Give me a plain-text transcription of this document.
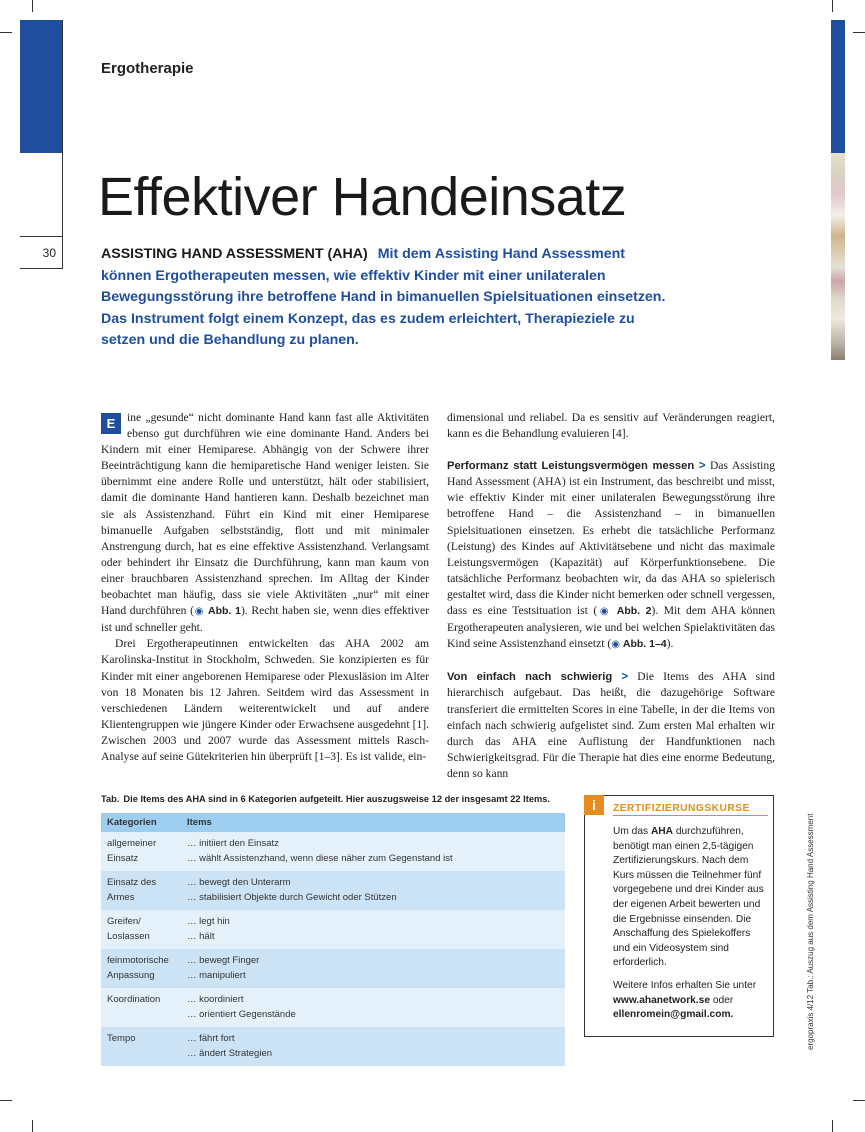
30
Ergotherapie
Effektiver Handeinsatz
ASSISTING HAND ASSESSMENT (AHA) Mit dem Assisting Hand Assessment können Ergotherapeuten messen, wie effektiv Kinder mit einer unilateralen Bewegungsstörung ihre betroffene Hand in bimanuellen Spielsituationen einsetzen. Das Instrument folgt einem Konzept, das es zudem erleichtert, Therapieziele zu setzen und die Behandlung zu planen.

E	ine „gesunde“ nicht dominante Hand kann fast alle Aktivitäten ebenso gut durchführen wie eine dominante Hand. Anders bei Kindern mit einer Hemiparese. Abhängig von der Schwere ihrer Beeinträchtigung kann die hemiparetische Hand weniger leisten. Sie übernimmt eine andere Rolle und unterstützt, hält oder stabilisiert, damit die dominante Hand hantieren kann. Deshalb bezeichnet man sie als Assistenzhand. Führt ein Kind mit einer Hemiparese bimanuelle Aufgaben selbstständig, flott und mit minimaler Anstrengung durch, hat es eine effektive Assistenzhand. Verlangsamt oder behindert ihr Einsatz die Durchführung, kann man kaum von einer brauchbaren Assistenzhand sprechen. Im Alltag der Kinder beobachtet man häufig, dass sie viele Aktivitäten „nur“ mit einer Hand durchführen (◉ Abb. 1). Recht haben sie, wenn dies effektiver ist und schneller geht.

Drei Ergotherapeutinnen entwickelten das AHA 2002 am Karolinska-Institut in Stockholm, Schweden. Sie konzipierten es für Kinder mit einer angeborenen Hemiparese oder Plexusläsion im Alter von 18 Monaten bis 12 Jahren. Seitdem wird das Assessment in verschiedenen Ländern weiterentwickelt und auf andere Klientengruppen wie jüngere Kinder oder Erwachsene ausgedehnt [1]. Zwischen 2003 und 2007 wurde das Assessment mittels Rasch-Analyse auf seine Gütekriterien hin überprüft [1–3]. Es ist valide, ein-

dimensional und reliabel. Da es sensitiv auf Veränderungen reagiert, kann es die Behandlung evaluieren [4].

Performanz statt Leistungsvermögen messen > Das Assisting Hand Assessment (AHA) ist ein Instrument, das beschreibt und misst, wie effektiv Kinder mit einer unilateralen Bewegungsstörung ihre betroffene Hand – die Assistenzhand – in bimanuellen Spielsituationen einsetzen. Es erhebt die tatsächliche Performanz (Leistung) des Kindes auf Aktivitätsebene und nicht das maximale Leistungsvermögen (Kapazität) auf Körperfunktionsebene. Die tatsächliche Performanz beobachten wir, da das AHA so spielerisch gestaltet wird, dass die Kinder nicht bemerken oder schnell vergessen, dass es eine Testsituation ist (◉ Abb. 2). Mit dem AHA können Ergotherapeuten analysieren, wie und bei welchen Spielaktivitäten das Kind seine Assistenzhand einsetzt (◉ Abb. 1–4).

Von einfach nach schwierig > Die Items des AHA sind hierarchisch aufgebaut. Das heißt, die dazugehörige Software transferiert die ermittelten Scores in eine Tabelle, in der die Items von einfach nach schwierig aufgelistet sind. Zum ersten Mal erhalten wir durch das AHA eine Auflistung der Handfunktionen nach Schwierigkeitsgrad. Für die Therapie hat dies eine enorme Bedeutung, denn so kann

Tab. Die Items des AHA sind in 6 Kategorien aufgeteilt. Hier auszugsweise 12 der insgesamt 22 Items.
Kategorien	Items
allgemeiner Einsatz	… initiiert den Einsatz
… wählt Assistenzhand, wenn diese näher zum Gegenstand ist

Einsatz des Armes	… bewegt den Unterarm
… stabilisiert Objekte durch Gewicht oder Stützen

Greifen/ Loslassen	… legt hin
… hält

feinmotorische Anpassung	… bewegt Finger
… manipuliert

Koordination	… koordiniert
… orientiert Gegenstände

Tempo	… fährt fort
… ändert Strategien
i	ZERTIFIZIERUNGSKURSE

Um das AHA durchzuführen, benötigt man einen 2,5-tägigen Zertifizierungskurs. Nach dem Kurs müssen die Teilnehmer fünf vorgegebene und drei Kinder aus der eigenen Arbeit bewerten und die Ergebnisse einsenden. Die Anschaffung des Spielekoffers und ein Videosystem sind erforderlich.

Weitere Infos erhalten Sie unter www.ahanetwork.se oder ellenromein@gmail.com.	ergopraxis 4/12 Tab.: Auszug aus dem Assisting Hand Assessment
